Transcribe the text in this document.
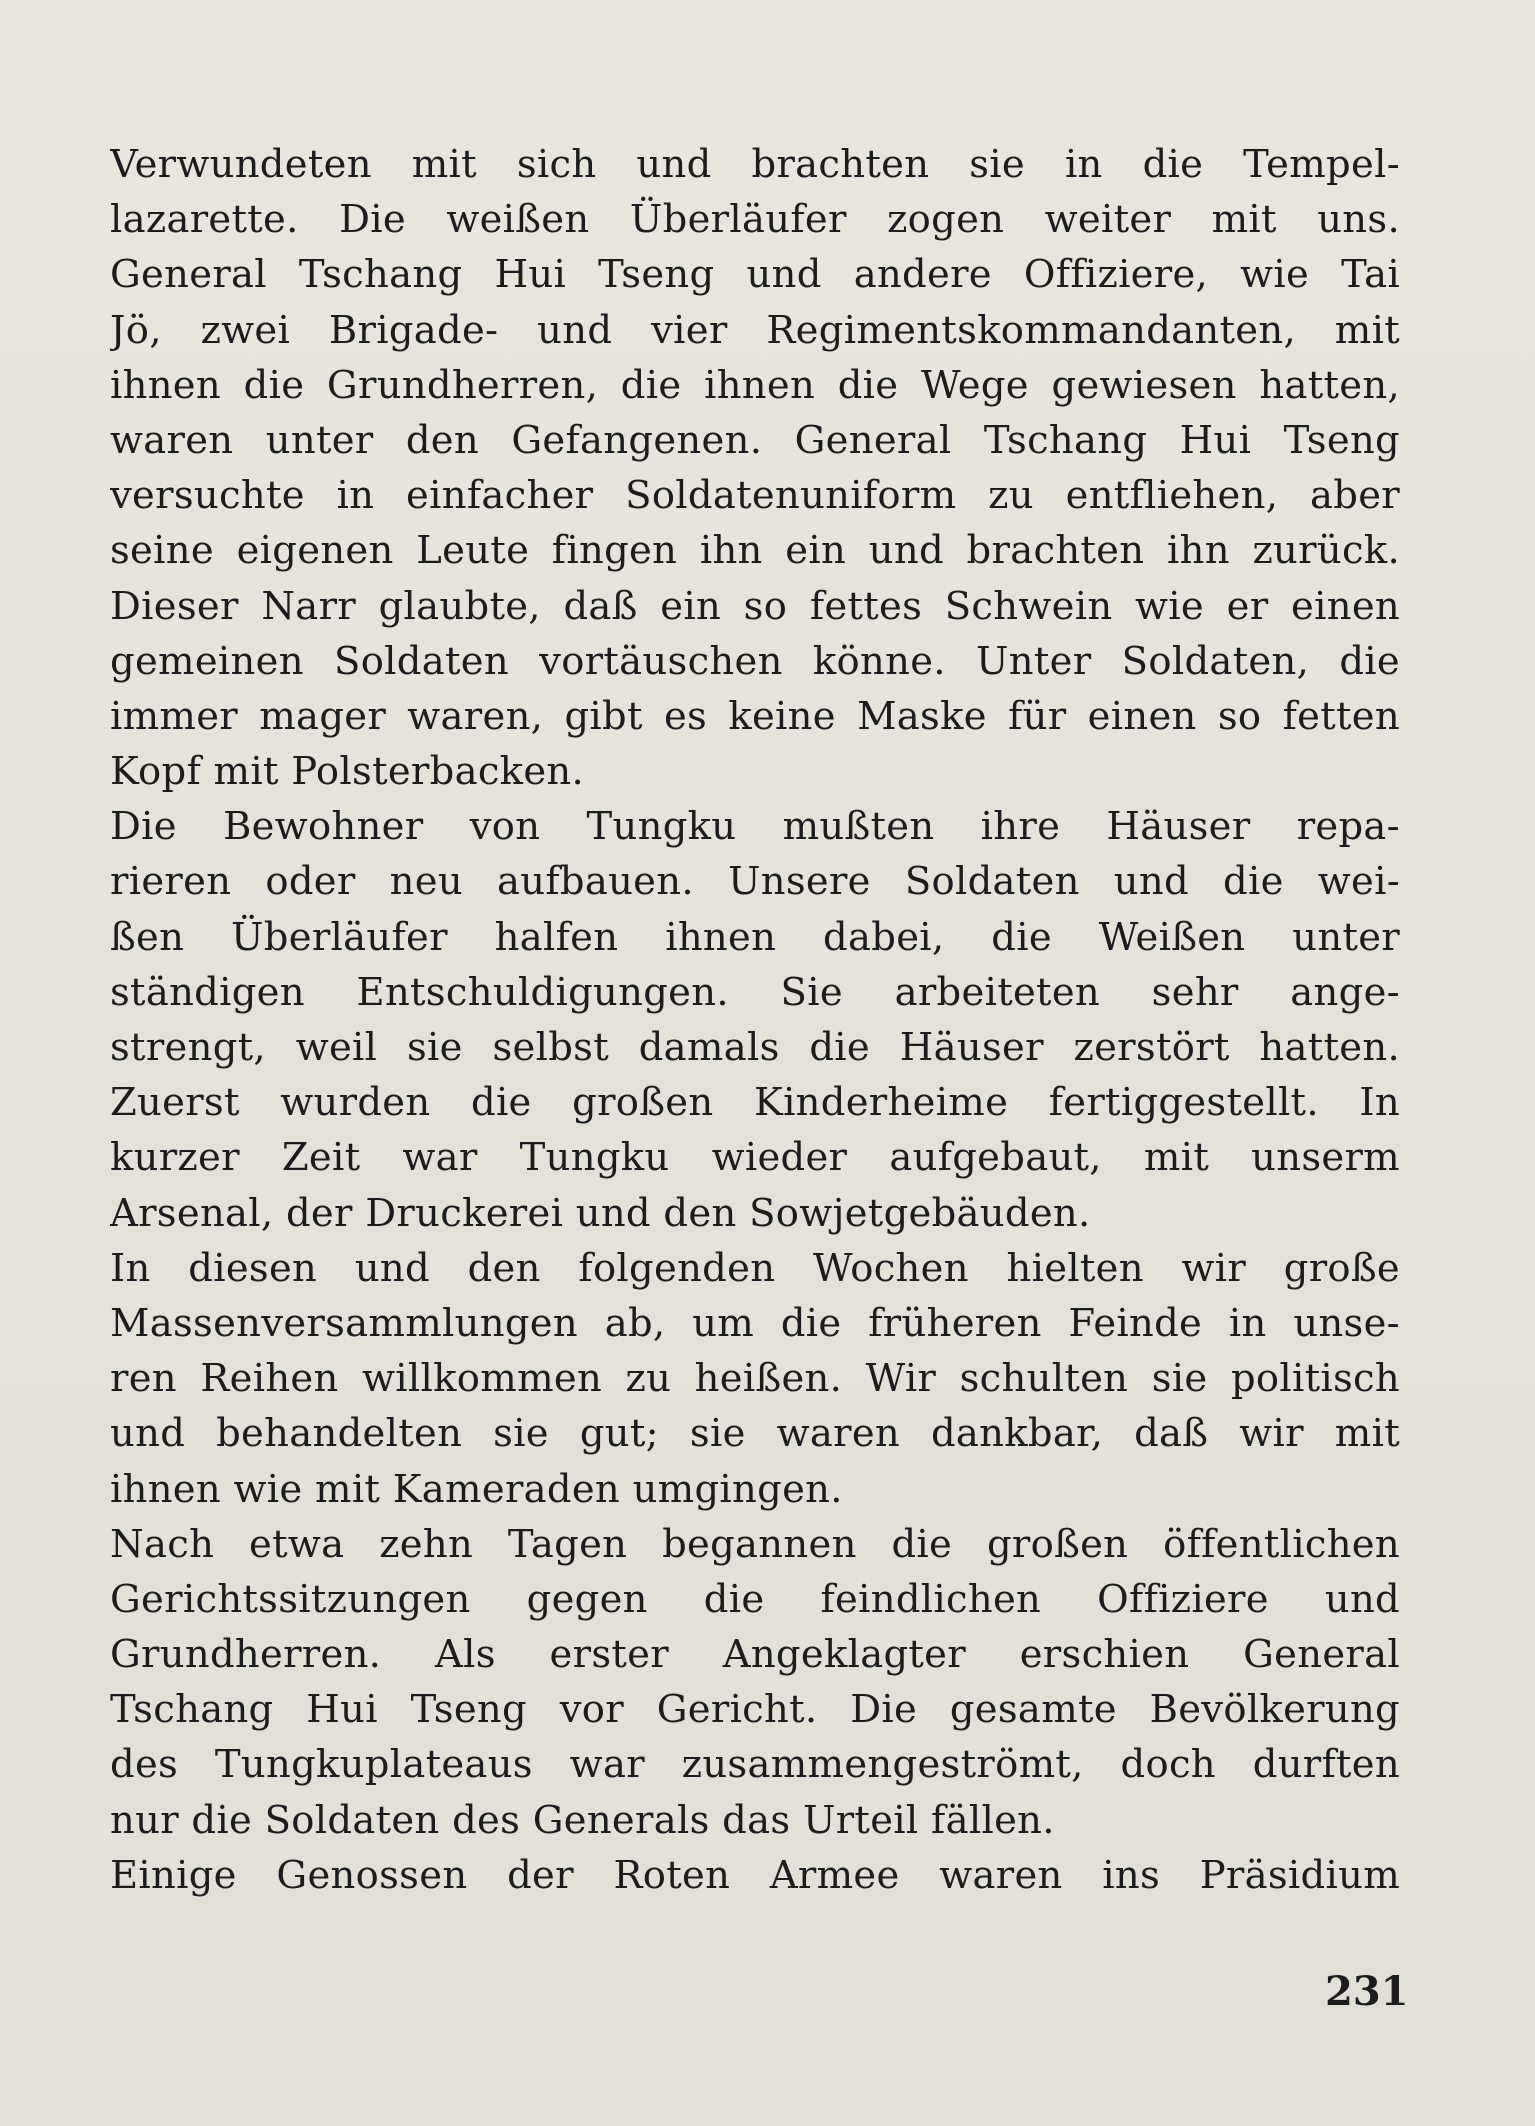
Verwundeten mit sich und brachten sie in die Tempel-
lazarette. Die weißen Überläufer zogen weiter mit uns.
General Tschang Hui Tseng und andere Offiziere, wie Tai
Jö, zwei Brigade- und vier Regimentskommandanten, mit
ihnen die Grundherren, die ihnen die Wege gewiesen hatten,
waren unter den Gefangenen. General Tschang Hui Tseng
versuchte in einfacher Soldatenuniform zu entfliehen, aber
seine eigenen Leute fingen ihn ein und brachten ihn zurück.
Dieser Narr glaubte, daß ein so fettes Schwein wie er einen
gemeinen Soldaten vortäuschen könne. Unter Soldaten, die
immer mager waren, gibt es keine Maske für einen so fetten
Kopf mit Polsterbacken.
Die Bewohner von Tungku mußten ihre Häuser repa-
rieren oder neu aufbauen. Unsere Soldaten und die wei-
ßen Überläufer halfen ihnen dabei, die Weißen unter
ständigen Entschuldigungen. Sie arbeiteten sehr ange-
strengt, weil sie selbst damals die Häuser zerstört hatten.
Zuerst wurden die großen Kinderheime fertiggestellt. In
kurzer Zeit war Tungku wieder aufgebaut, mit unserm
Arsenal, der Druckerei und den Sowjetgebäuden.
In diesen und den folgenden Wochen hielten wir große
Massenversammlungen ab, um die früheren Feinde in unse-
ren Reihen willkommen zu heißen. Wir schulten sie politisch
und behandelten sie gut; sie waren dankbar, daß wir mit
ihnen wie mit Kameraden umgingen.
Nach etwa zehn Tagen begannen die großen öffentlichen
Gerichtssitzungen gegen die feindlichen Offiziere und
Grundherren. Als erster Angeklagter erschien General
Tschang Hui Tseng vor Gericht. Die gesamte Bevölkerung
des Tungkuplateaus war zusammengeströmt, doch durften
nur die Soldaten des Generals das Urteil fällen.
Einige Genossen der Roten Armee waren ins Präsidium
231
